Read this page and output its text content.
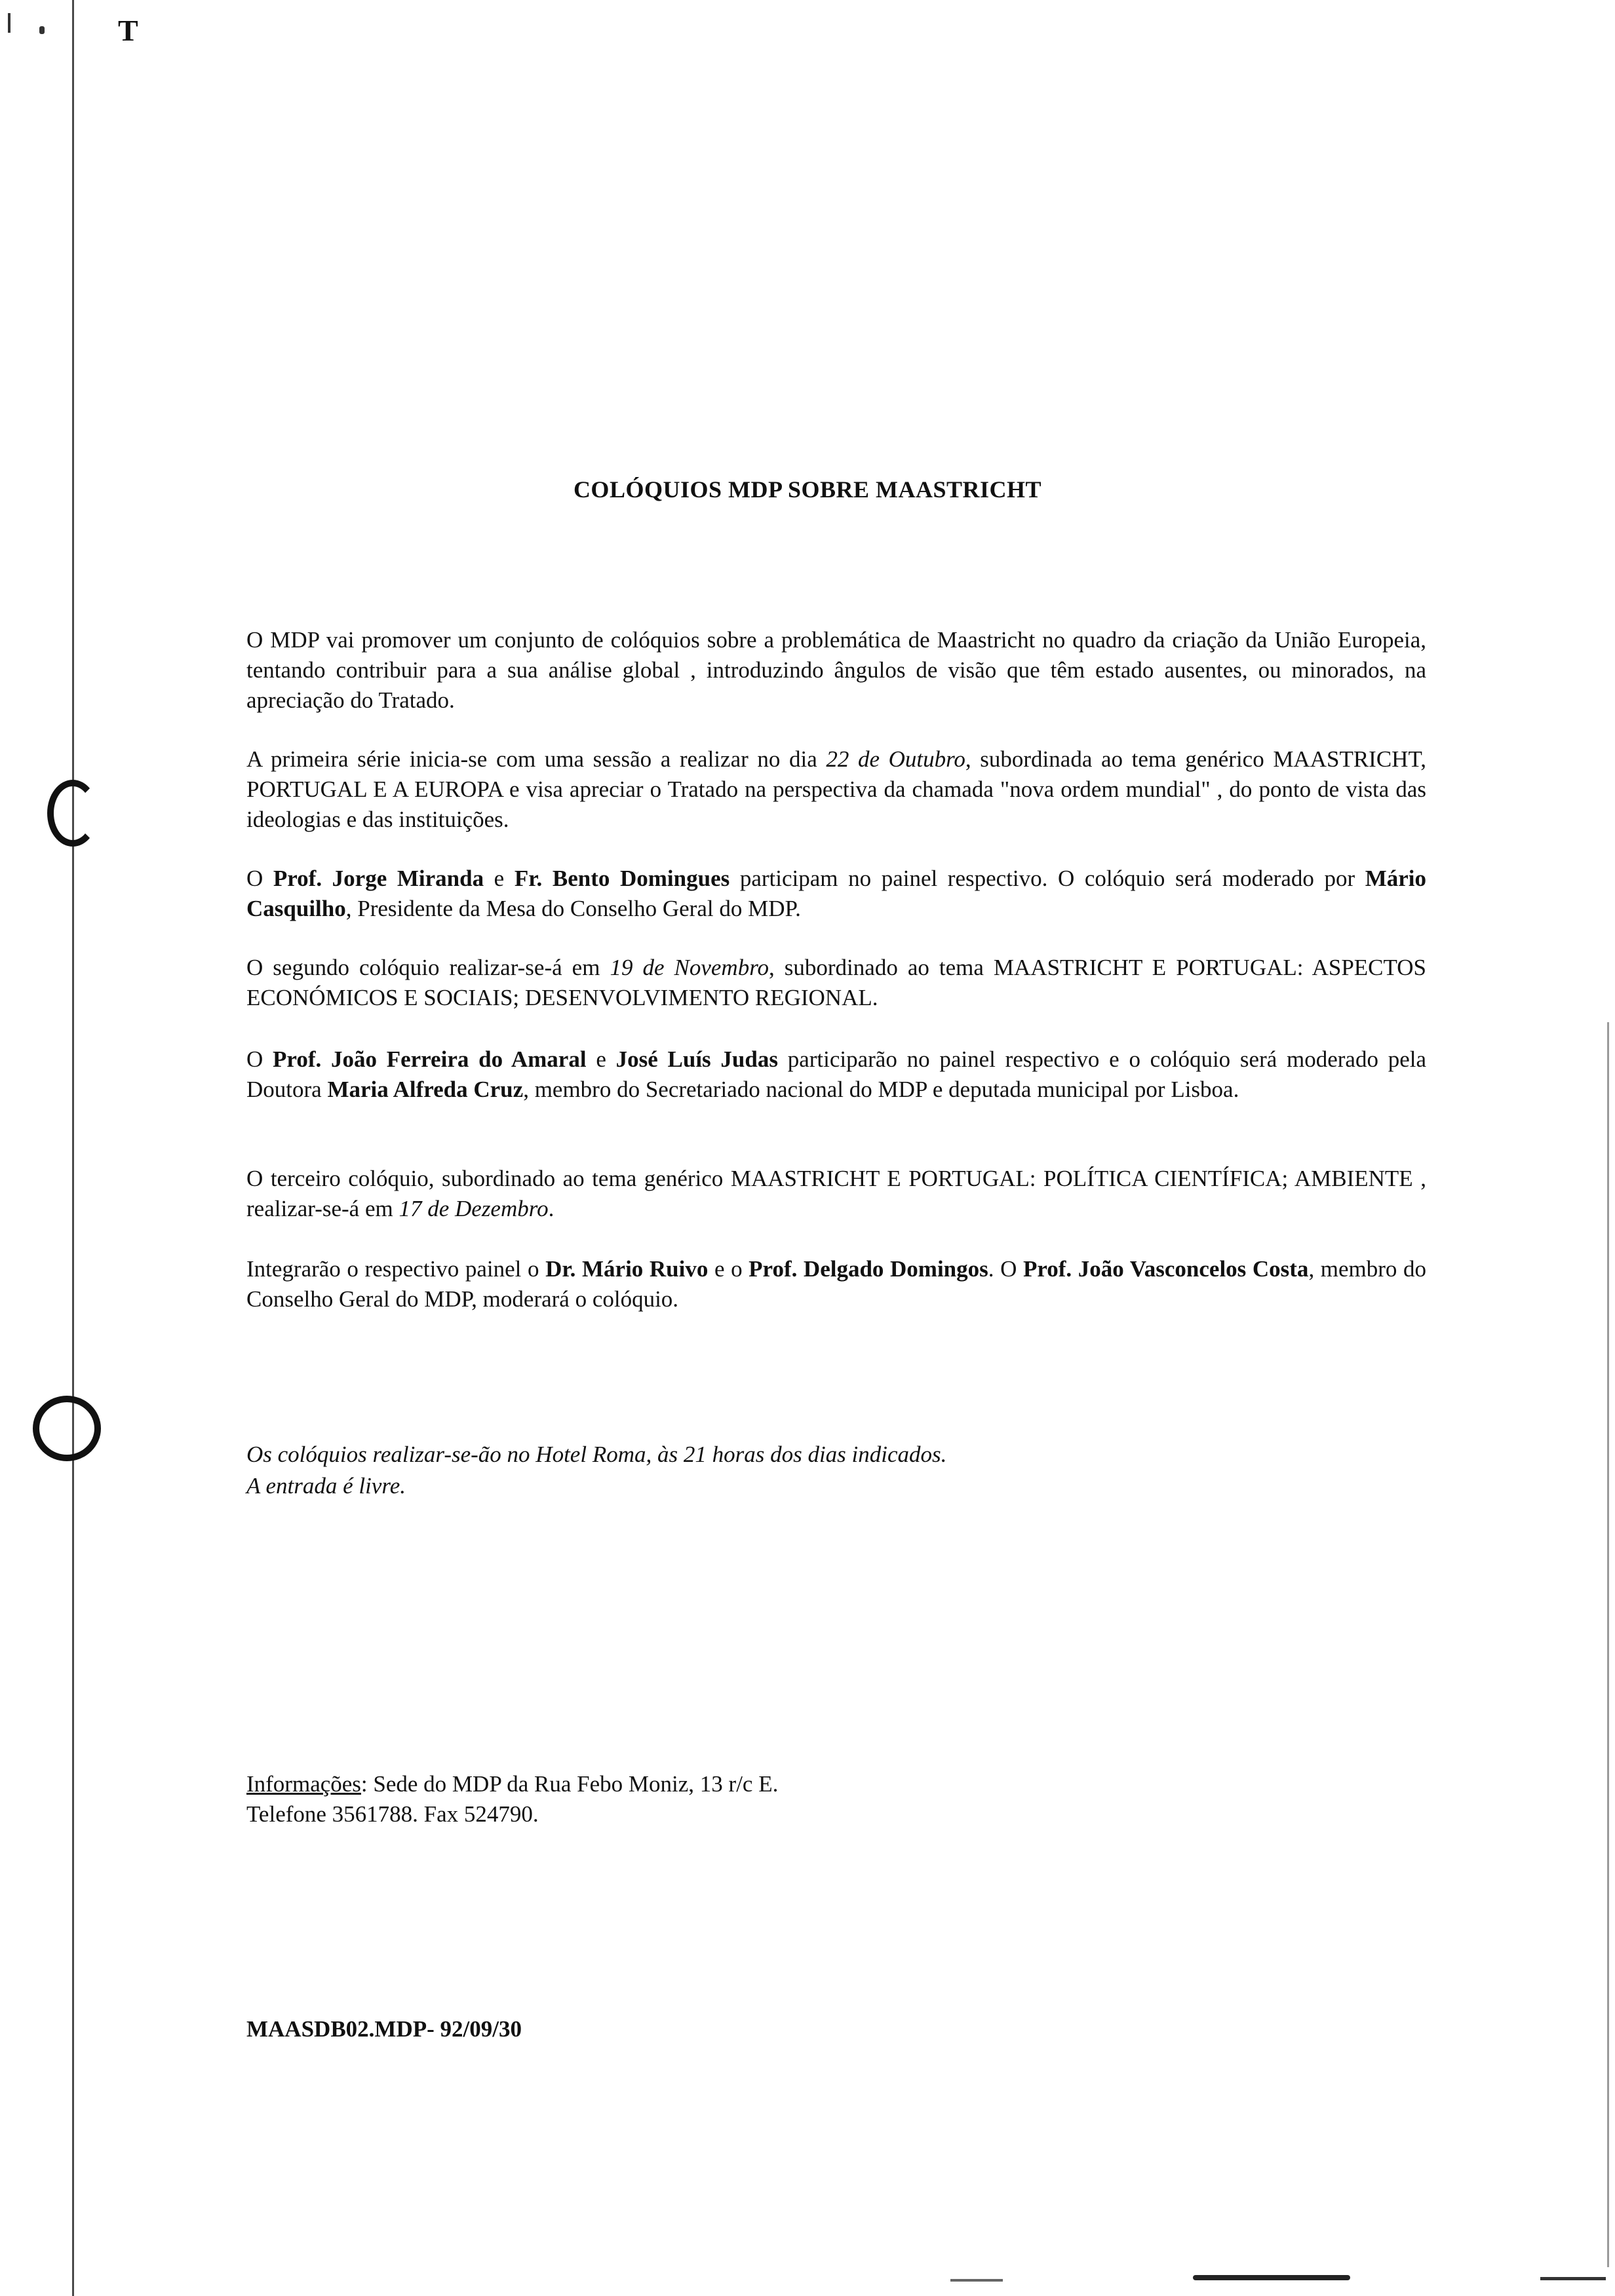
T
COLÓQUIOS MDP SOBRE MAASTRICHT
O MDP vai promover um conjunto de colóquios sobre a problemática de Maastricht no quadro da criação da União Europeia, tentando contribuir para a sua análise global , introduzindo ângulos de visão que têm estado ausentes, ou minorados, na apreciação do Tratado.
A primeira série inicia-se com uma sessão a realizar no dia 22 de Outubro, subordinada ao tema genérico MAASTRICHT, PORTUGAL E A EUROPA e visa apreciar o Tratado na perspectiva da chamada "nova ordem mundial" , do ponto de vista das ideologias e das instituições.
O Prof. Jorge Miranda e Fr. Bento Domingues participam no painel respectivo. O colóquio será moderado por Mário Casquilho, Presidente da Mesa do Conselho Geral do MDP.
O segundo colóquio realizar-se-á em 19 de Novembro, subordinado ao tema MAASTRICHT E PORTUGAL: ASPECTOS ECONÓMICOS E SOCIAIS; DESENVOLVIMENTO REGIONAL.
O Prof. João Ferreira do Amaral e José Luís Judas participarão no painel respectivo e o colóquio será moderado pela Doutora Maria Alfreda Cruz, membro do Secretariado nacional do MDP e deputada municipal por Lisboa.
O terceiro colóquio, subordinado ao tema genérico MAASTRICHT E PORTUGAL: POLÍTICA CIENTÍFICA; AMBIENTE , realizar-se-á em 17 de Dezembro.
Integrarão o respectivo painel o Dr. Mário Ruivo e o Prof. Delgado Domingos. O Prof. João Vasconcelos Costa, membro do Conselho Geral do MDP, moderará o colóquio.
Os colóquios realizar-se-ão no Hotel Roma, às 21 horas dos dias indicados.
A entrada é livre.
Informações: Sede do MDP da Rua Febo Moniz, 13 r/c E.
Telefone 3561788. Fax 524790.
MAASDB02.MDP- 92/09/30
